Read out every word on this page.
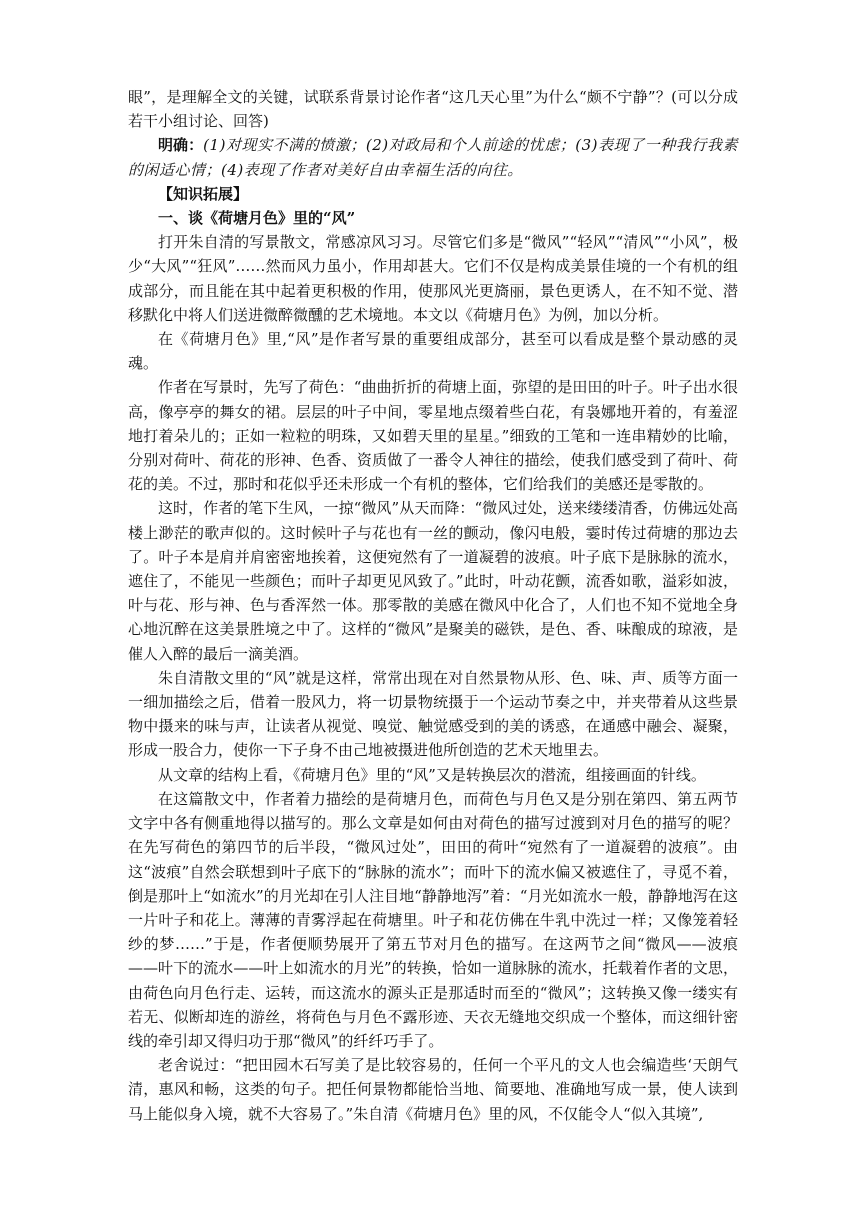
眼”，是理解全文的关键，试联系背景讨论作者“这几天心里”为什么“颇不宁静”？(可以分成若干小组讨论、回答)

明确：(1)对现实不满的愤激；(2)对政局和个人前途的忧虑；(3)表现了一种我行我素的闲适心情；(4)表现了作者对美好自由幸福生活的向往。

【知识拓展】

一、谈《荷塘月色》里的“风”

打开朱自清的写景散文，常感凉风习习。尽管它们多是“微风”“轻风”“清风”“小风”，极少“大风”“狂风”……然而风力虽小，作用却甚大。它们不仅是构成美景佳境的一个有机的组成部分，而且能在其中起着更积极的作用，使那风光更旖丽，景色更诱人，在不知不觉、潜移默化中将人们送进微醉微醺的艺术境地。本文以《荷塘月色》为例，加以分析。

在《荷塘月色》里,“风”是作者写景的重要组成部分，甚至可以看成是整个景动感的灵魂。

作者在写景时，先写了荷色：“曲曲折折的荷塘上面，弥望的是田田的叶子。叶子出水很高，像亭亭的舞女的裙。层层的叶子中间，零星地点缀着些白花，有袅娜地开着的，有羞涩地打着朵儿的；正如一粒粒的明珠，又如碧天里的星星。”细致的工笔和一连串精妙的比喻，分别对荷叶、荷花的形神、色香、资质做了一番令人神往的描绘，使我们感受到了荷叶、荷花的美。不过，那时和花似乎还未形成一个有机的整体，它们给我们的美感还是零散的。

这时，作者的笔下生风，一掠“微风”从天而降：“微风过处，送来缕缕清香，仿佛远处高楼上渺茫的歌声似的。这时候叶子与花也有一丝的颤动，像闪电般，霎时传过荷塘的那边去了。叶子本是肩并肩密密地挨着，这便宛然有了一道凝碧的波痕。叶子底下是脉脉的流水，遮住了，不能见一些颜色；而叶子却更见风致了。”此时，叶动花颤，流香如歌，溢彩如波，叶与花、形与神、色与香浑然一体。那零散的美感在微风中化合了，人们也不知不觉地全身心地沉醉在这美景胜境之中了。这样的“微风”是聚美的磁铁，是色、香、味酿成的琼液，是催人入醉的最后一滴美酒。

朱自清散文里的“风”就是这样，常常出现在对自然景物从形、色、味、声、质等方面一一细加描绘之后，借着一股风力，将一切景物统摄于一个运动节奏之中，并夹带着从这些景物中摄来的味与声，让读者从视觉、嗅觉、触觉感受到的美的诱惑，在通感中融会、凝聚，形成一股合力，使你一下子身不由己地被摄进他所创造的艺术天地里去。

从文章的结构上看，《荷塘月色》里的“风”又是转换层次的潜流，组接画面的针线。

在这篇散文中，作者着力描绘的是荷塘月色，而荷色与月色又是分别在第四、第五两节文字中各有侧重地得以描写的。那么文章是如何由对荷色的描写过渡到对月色的描写的呢？在先写荷色的第四节的后半段，“微风过处”，田田的荷叶“宛然有了一道凝碧的波痕”。由这“波痕”自然会联想到叶子底下的“脉脉的流水”；而叶下的流水偏又被遮住了，寻觅不着，倒是那叶上“如流水”的月光却在引人注目地“静静地泻”着：“月光如流水一般，静静地泻在这一片叶子和花上。薄薄的青雾浮起在荷塘里。叶子和花仿佛在牛乳中洗过一样；又像笼着轻纱的梦……”于是，作者便顺势展开了第五节对月色的描写。在这两节之间“微风——波痕——叶下的流水——叶上如流水的月光”的转换，恰如一道脉脉的流水，托载着作者的文思，由荷色向月色行走、运转，而这流水的源头正是那适时而至的“微风”；这转换又像一缕实有若无、似断却连的游丝，将荷色与月色不露形迹、天衣无缝地交织成一个整体，而这细针密线的牵引却又得归功于那“微风”的纤纤巧手了。

老舍说过：“把田园木石写美了是比较容易的，任何一个平凡的文人也会编造些‘天朗气清，惠风和畅，这类的句子。把任何景物都能恰当地、简要地、准确地写成一景，使人读到马上能似身入境，就不大容易了。”朱自清《荷塘月色》里的风，不仅能令人“似入其境”,
